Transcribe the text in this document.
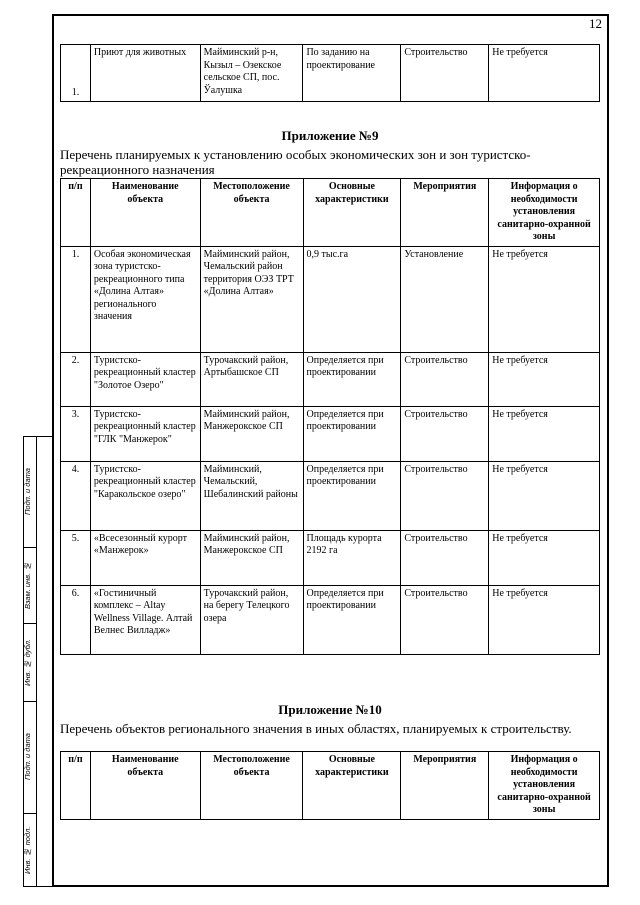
12
Подп. и дата
Взам. инв. №
Инв. № дубл.
Подп. и дата
Инв. № подл.
1.	Приют для животных	Майминский р-н, Кызыл – Озекское сельское СП, пос. Ўалушка	По заданию на проектирование	Строительство	Не требуется
Приложение №9
Перечень планируемых к установлению особых экономических зон и зон туристско- рекреационного назначения
п/п	Наименование объекта	Местоположение объекта	Основные характеристики	Мероприятия	Информация о необходимости установления санитарно-охранной зоны
1.	Особая экономическая зона туристско-рекреационного типа «Долина Алтая» регионального значения	Майминский район, Чемальский район территория ОЭЗ ТРТ «Долина Алтая»	0,9 тыс.га	Установление	Не требуется
2.	Туристско-рекреационный кластер "Золотое Озеро"	Турочакский район, Артыбашское СП	Определяется при проектировании	Строительство	Не требуется
3.	Туристско-рекреационный кластер "ГЛК "Манжерок"	Майминский район, Манжерокское СП	Определяется при проектировании	Строительство	Не требуется
4.	Туристско-рекреационный кластер "Каракольское озеро"	Майминский, Чемальский, Шебалинский районы	Определяется при проектировании	Строительство	Не требуется
5.	«Всесезонный курорт «Манжерок»	Майминский район, Манжерокское СП	Площадь курорта 2192 га	Строительство	Не требуется
6.	«Гостиничный комплекс – Altay Wellness Village. Алтай Велнес Вилладж»	Турочакский район, на берегу Телецкого озера	Определяется при проектировании	Строительство	Не требуется
Приложение №10
Перечень объектов регионального значения в иных областях, планируемых к строительству.
п/п	Наименование объекта	Местоположение объекта	Основные характеристики	Мероприятия	Информация о необходимости установления санитарно-охранной зоны
